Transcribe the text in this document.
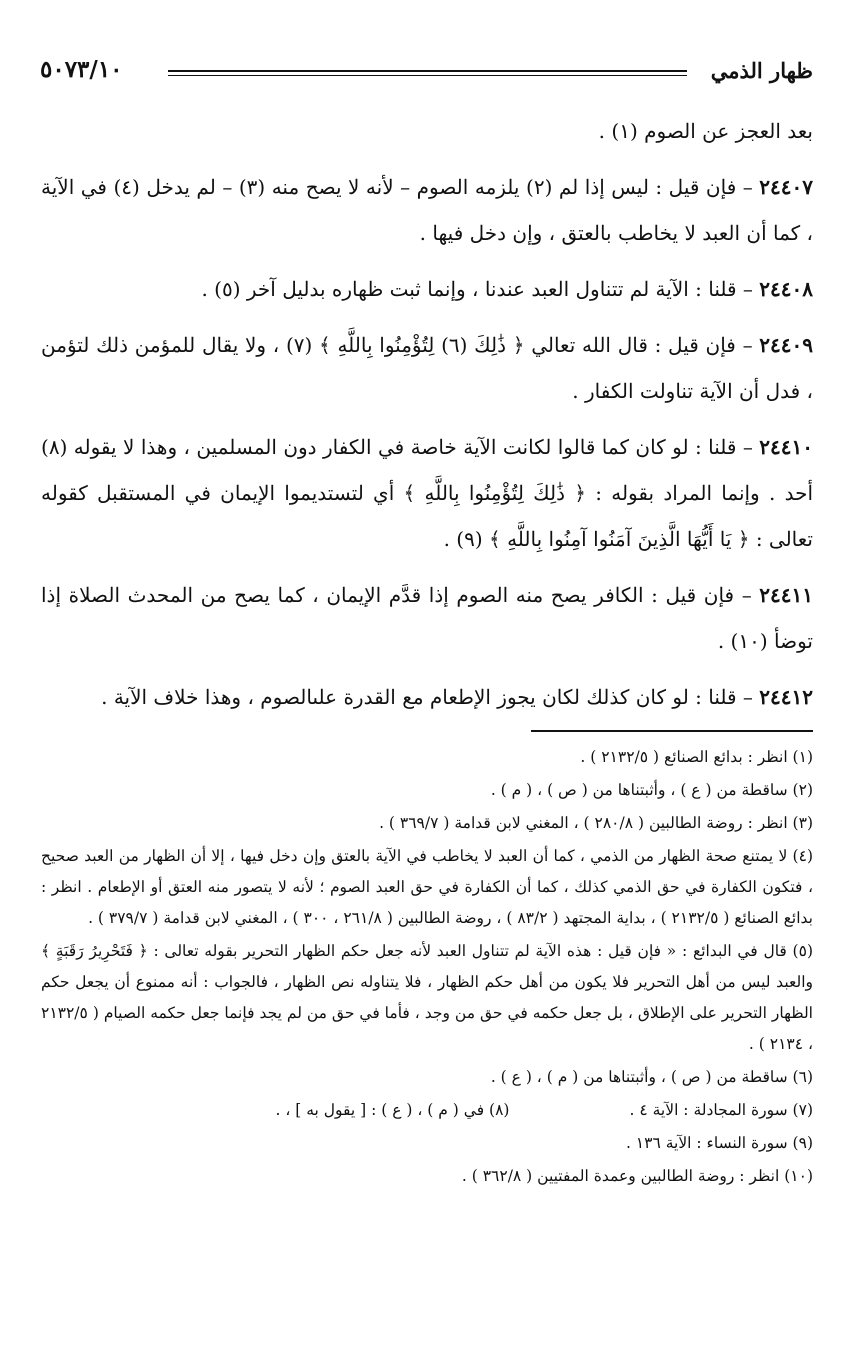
ظهار الذمي
٥٠٧٣/١٠

بعد العجز عن الصوم (١) .

٢٤٤٠٧ – فإن قيل : ليس إذا لم (٢) يلزمه الصوم – لأنه لا يصح منه (٣) – لم يدخل (٤) في الآية ، كما أن العبد لا يخاطب بالعتق ، وإن دخل فيها .

٢٤٤٠٨ – قلنا : الآية لم تتناول العبد عندنا ، وإنما ثبت ظهاره بدليل آخر (٥) .

٢٤٤٠٩ – فإن قيل : قال الله تعالي ﴿ ذَٰلِكَ (٦) لِتُؤْمِنُوا بِاللَّهِ ﴾ (٧) ، ولا يقال للمؤمن ذلك لتؤمن ، فدل أن الآية تناولت الكفار .

٢٤٤١٠ – قلنا : لو كان كما قالوا لكانت الآية خاصة في الكفار دون المسلمين ، وهذا لا يقوله (٨) أحد . وإنما المراد بقوله : ﴿ ذَٰلِكَ لِتُؤْمِنُوا بِاللَّهِ ﴾ أي لتستديموا الإيمان في المستقبل كقوله تعالى : ﴿ يَا أَيُّهَا الَّذِينَ آمَنُوا آمِنُوا بِاللَّهِ ﴾ (٩) .

٢٤٤١١ – فإن قيل : الكافر يصح منه الصوم إذا قدَّم الإيمان ، كما يصح من المحدث الصلاة إذا توضأ (١٠) .

٢٤٤١٢ – قلنا : لو كان كذلك لكان يجوز الإطعام مع القدرة علىالصوم ، وهذا خلاف الآية .

(١) انظر : بدائع الصنائع ( ٢١٣٢/٥ ) .

(٢) ساقطة من ( ع ) ، وأثبتناها من ( ص ) ، ( م ) .

(٣) انظر : روضة الطالبين ( ٢٨٠/٨ ) ، المغني لابن قدامة ( ٣٦٩/٧ ) .

(٤) لا يمتنع صحة الظهار من الذمي ، كما أن العبد لا يخاطب في الآية بالعتق وإن دخل فيها ، إلا أن الظهار من العبد صحيح ، فتكون الكفارة في حق الذمي كذلك ، كما أن الكفارة في حق العبد الصوم ؛ لأنه لا يتصور منه العتق أو الإطعام . انظر : بدائع الصنائع ( ٢١٣٢/٥ ) ، بداية المجتهد ( ٨٣/٢ ) ، روضة الطالبين ( ٢٦١/٨ ، ٣٠٠ ) ، المغني لابن قدامة ( ٣٧٩/٧ ) .

(٥) قال في البدائع : « فإن قيل : هذه الآية لم تتناول العبد لأنه جعل حكم الظهار التحرير بقوله تعالى : ﴿ فَتَحْرِيرُ رَقَبَةٍ ﴾ والعبد ليس من أهل التحرير فلا يكون من أهل حكم الظهار ، فلا يتناوله نص الظهار ، فالجواب : أنه ممنوع أن يجعل حكم الظهار التحرير على الإطلاق ، بل جعل حكمه في حق من وجد ، فأما في حق من لم يجد فإنما جعل حكمه الصيام ( ٢١٣٢/٥ ، ٢١٣٤ ) .

(٦) ساقطة من ( ص ) ، وأثبتناها من ( م ) ، ( ع ) .

(٧) سورة المجادلة : الآية ٤ .
(٨) في ( م ) ، ( ع ) : [ يقول به ] ، .

(٩) سورة النساء : الآية ١٣٦ .

(١٠) انظر : روضة الطالبين وعمدة المفتيين ( ٣٦٢/٨ ) .
